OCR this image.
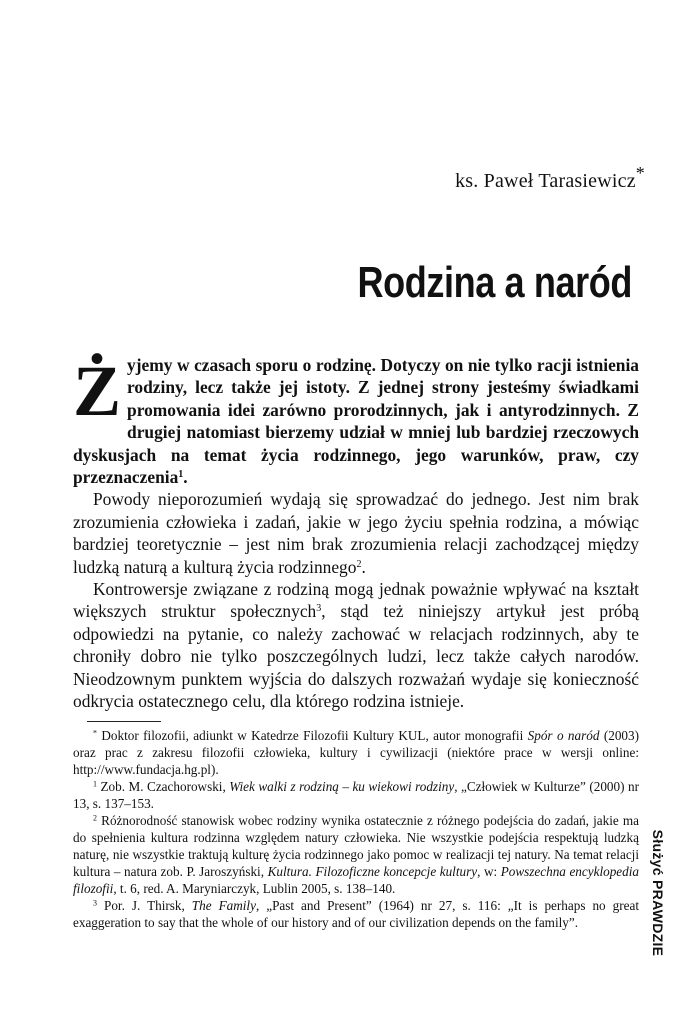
ks. Paweł Tarasiewicz*
Rodzina a naród

Żyjemy w czasach sporu o rodzinę. Dotyczy on nie tylko racji istnienia rodziny, lecz także jej istoty. Z jednej strony jesteśmy świadkami promowania idei zarówno prorodzinnych, jak i antyrodzinnych. Z drugiej natomiast bierzemy udział w mniej lub bardziej rzeczowych dyskusjach na temat życia rodzinnego, jego warunków, praw, czy przeznaczenia$^1$.

Powody nieporozumień wydają się sprowadzać do jednego. Jest nim brak zrozumienia człowieka i zadań, jakie w jego życiu spełnia rodzina, a mówiąc bardziej teoretycznie – jest nim brak zrozumienia relacji zachodzącej między ludzką naturą a kulturą życia rodzinnego$^2$.

Kontrowersje związane z rodziną mogą jednak poważnie wpływać na kształt większych struktur społecznych$^3$, stąd też niniejszy artykuł jest próbą odpowiedzi na pytanie, co należy zachować w relacjach rodzinnych, aby te chroniły dobro nie tylko poszczególnych ludzi, lecz także całych narodów. Nieodzownym punktem wyjścia do dalszych rozważań wydaje się konieczność odkrycia ostatecznego celu, dla którego rodzina istnieje.

* Doktor filozofii, adiunkt w Katedrze Filozofii Kultury KUL, autor monografii Spór o naród (2003) oraz prac z zakresu filozofii człowieka, kultury i cywilizacji (niektóre prace w wersji online: http://www.fundacja.hg.pl).

$^1$ Zob. M. Czachorowski, Wiek walki z rodziną – ku wiekowi rodziny, „Człowiek w Kulturze” (2000) nr 13, s. 137–153.

$^2$ Różnorodność stanowisk wobec rodziny wynika ostatecznie z różnego podejścia do zadań, jakie ma do spełnienia kultura rodzinna względem natury człowieka. Nie wszystkie podejścia respektują ludzką naturę, nie wszystkie traktują kulturę życia rodzinnego jako pomoc w realizacji tej natury. Na temat relacji kultura – natura zob. P. Jaroszyński, Kultura. Filozoficzne koncepcje kultury, w: Powszechna encyklopedia filozofii, t. 6, red. A. Maryniarczyk, Lublin 2005, s. 138–140.

$^3$ Por. J. Thirsk, The Family, „Past and Present” (1964) nr 27, s. 116: „It is perhaps no great exaggeration to say that the whole of our history and of our civilization depends on the family”.	Służyć PRAWDZIE
